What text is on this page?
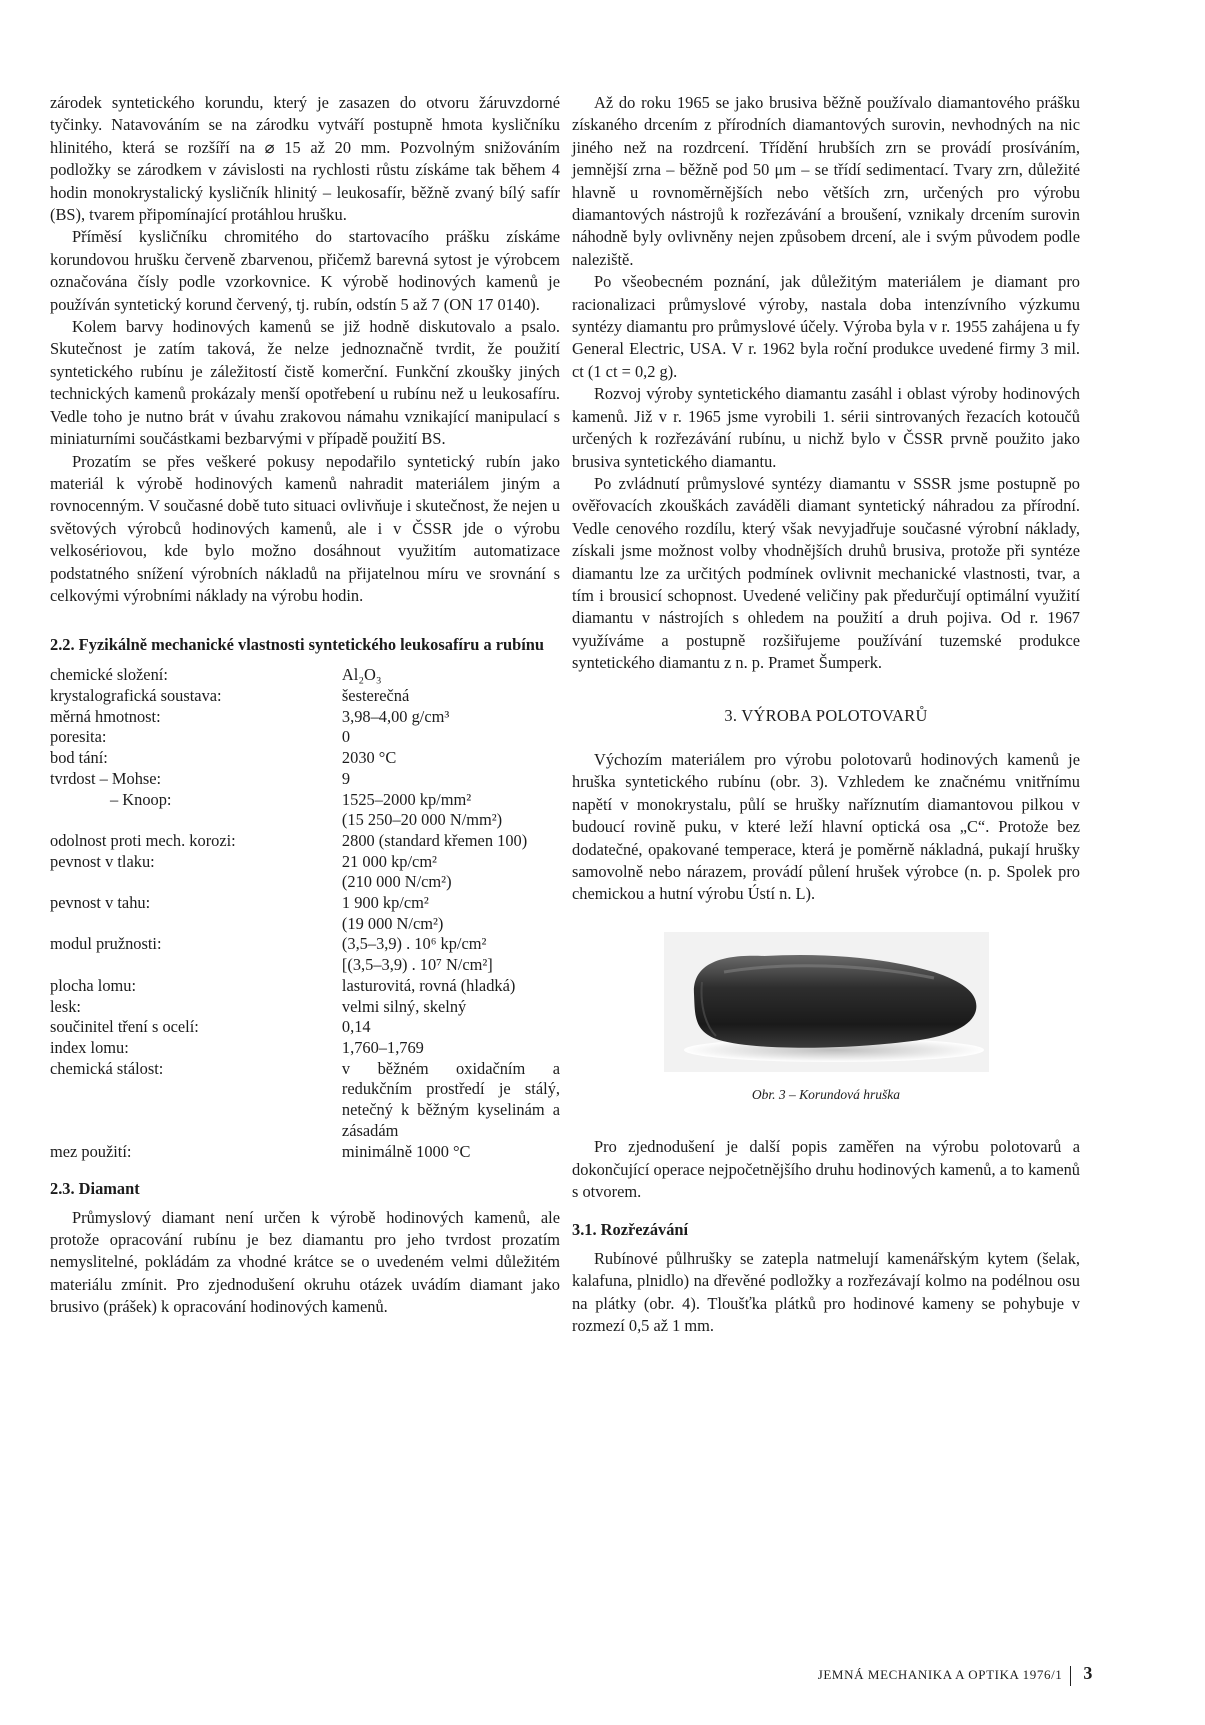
zárodek syntetického korundu, který je zasazen do otvoru žáruvzdorné tyčinky. Natavováním se na zárodku vytváří postupně hmota kysličníku hlinitého, která se rozšíří na ⌀ 15 až 20 mm. Pozvolným snižováním podložky se zárodkem v závislosti na rychlosti růstu získáme tak během 4 hodin monokrystalický kysličník hlinitý – leukosafír, běžně zvaný bílý safír (BS), tvarem připomínající protáhlou hrušku.

Příměsí kysličníku chromitého do startovacího prášku získáme korundovou hrušku červeně zbarvenou, přičemž barevná sytost je výrobcem označována čísly podle vzorkovnice. K výrobě hodinových kamenů je používán syntetický korund červený, tj. rubín, odstín 5 až 7 (ON 17 0140).

Kolem barvy hodinových kamenů se již hodně diskutovalo a psalo. Skutečnost je zatím taková, že nelze jednoznačně tvrdit, že použití syntetického rubínu je záležitostí čistě komerční. Funkční zkoušky jiných technických kamenů prokázaly menší opotřebení u rubínu než u leukosafíru. Vedle toho je nutno brát v úvahu zrakovou námahu vznikající manipulací s miniaturními součástkami bezbarvými v případě použití BS.

Prozatím se přes veškeré pokusy nepodařilo syntetický rubín jako materiál k výrobě hodinových kamenů nahradit materiálem jiným a rovnocenným. V současné době tuto situaci ovlivňuje i skutečnost, že nejen u světových výrobců hodinových kamenů, ale i v ČSSR jde o výrobu velkosériovou, kde bylo možno dosáhnout využitím automatizace podstatného snížení výrobních nákladů na přijatelnou míru ve srovnání s celkovými výrobními náklady na výrobu hodin.

2.2. Fyzikálně mechanické vlastnosti syntetického leukosafíru a rubínu
chemické složení:	Al₂O₃
krystalografická soustava:	šesterečná
měrná hmotnost:	3,98–4,00 g/cm³
poresita:	0
bod tání:	2030 °C
tvrdost – Mohse:	9
– Knoop:	1525–2000 kp/mm²
	(15 250–20 000 N/mm²)
odolnost proti mech. korozi:	2800 (standard křemen 100)
pevnost v tlaku:	21 000 kp/cm²
	(210 000 N/cm²)
pevnost v tahu:	1 900 kp/cm²
	(19 000 N/cm²)
modul pružnosti:	(3,5–3,9) . 10⁶ kp/cm²
	[(3,5–3,9) . 10⁷ N/cm²]
plocha lomu:	lasturovitá, rovná (hladká)
lesk:	velmi silný, skelný
součinitel tření s ocelí:	0,14
index lomu:	1,760–1,769
chemická stálost:	v běžném oxidačním a redukčním prostředí je stálý, netečný k běžným kyselinám a zásadám
mez použití:	minimálně 1000 °C
2.3. Diamant

Průmyslový diamant není určen k výrobě hodinových kamenů, ale protože opracování rubínu je bez diamantu pro jeho tvrdost prozatím nemyslitelné, pokládám za vhodné krátce se o uvedeném velmi důležitém materiálu zmínit. Pro zjednodušení okruhu otázek uvádím diamant jako brusivo (prášek) k opracování hodinových kamenů.

Až do roku 1965 se jako brusiva běžně používalo diamantového prášku získaného drcením z přírodních diamantových surovin, nevhodných na nic jiného než na rozdrcení. Třídění hrubších zrn se provádí prosíváním, jemnější zrna – běžně pod 50 μm – se třídí sedimentací. Tvary zrn, důležité hlavně u rovnoměrnějších nebo větších zrn, určených pro výrobu diamantových nástrojů k rozřezávání a broušení, vznikaly drcením surovin náhodně byly ovlivněny nejen způsobem drcení, ale i svým původem podle naleziště.

Po všeobecném poznání, jak důležitým materiálem je diamant pro racionalizaci průmyslové výroby, nastala doba intenzívního výzkumu syntézy diamantu pro průmyslové účely. Výroba byla v r. 1955 zahájena u fy General Electric, USA. V r. 1962 byla roční produkce uvedené firmy 3 mil. ct (1 ct = 0,2 g).

Rozvoj výroby syntetického diamantu zasáhl i oblast výroby hodinových kamenů. Již v r. 1965 jsme vyrobili 1. sérii sintrovaných řezacích kotoučů určených k rozřezávání rubínu, u nichž bylo v ČSSR prvně použito jako brusiva syntetického diamantu.

Po zvládnutí průmyslové syntézy diamantu v SSSR jsme postupně po ověřovacích zkouškách zaváděli diamant syntetický náhradou za přírodní. Vedle cenového rozdílu, který však nevyjadřuje současné výrobní náklady, získali jsme možnost volby vhodnějších druhů brusiva, protože při syntéze diamantu lze za určitých podmínek ovlivnit mechanické vlastnosti, tvar, a tím i brousicí schopnost. Uvedené veličiny pak předurčují optimální využití diamantu v nástrojích s ohledem na použití a druh pojiva. Od r. 1967 využíváme a postupně rozšiřujeme používání tuzemské produkce syntetického diamantu z n. p. Pramet Šumperk.

3. VÝROBA POLOTOVARŮ

Výchozím materiálem pro výrobu polotovarů hodinových kamenů je hruška syntetického rubínu (obr. 3). Vzhledem ke značnému vnitřnímu napětí v monokrystalu, půlí se hrušky naříznutím diamantovou pilkou v budoucí rovině puku, v které leží hlavní optická osa „C“. Protože bez dodatečné, opakované temperace, která je poměrně nákladná, pukají hrušky samovolně nebo nárazem, provádí půlení hrušek výrobce (n. p. Spolek pro chemickou a hutní výrobu Ústí n. L).

Obr. 3 – Korundová hruška

Pro zjednodušení je další popis zaměřen na výrobu polotovarů a dokončující operace nejpočetnějšího druhu hodinových kamenů, a to kamenů s otvorem.

3.1. Rozřezávání

Rubínové půlhrušky se zatepla natmelují kamenářským kytem (šelak, kalafuna, plnidlo) na dřevěné podložky a rozřezávají kolmo na podélnou osu na plátky (obr. 4). Tloušťka plátků pro hodinové kameny se pohybuje v rozmezí 0,5 až 1 mm.

JEMNÁ MECHANIKA A OPTIKA 1976/1 3
